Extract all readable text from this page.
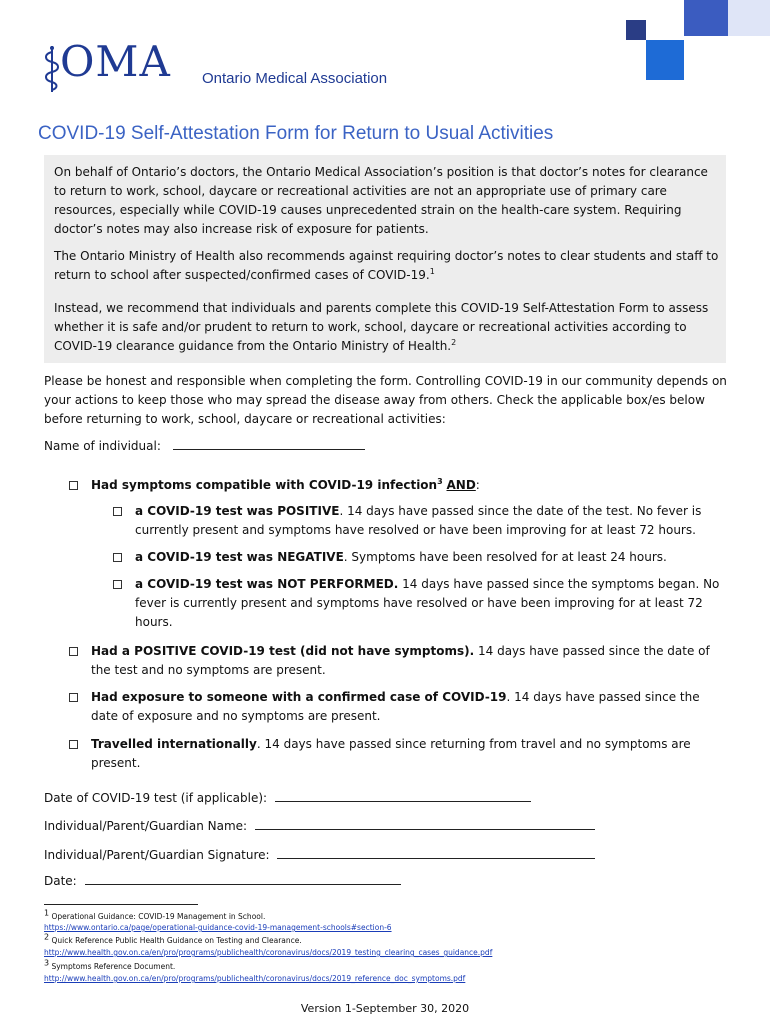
OMA Ontario Medical Association
COVID-19 Self-Attestation Form for Return to Usual Activities

On behalf of Ontario’s doctors, the Ontario Medical Association’s position is that doctor’s notes for clearance to return to work, school, daycare or recreational activities are not an appropriate use of primary care resources, especially while COVID-19 causes unprecedented strain on the health-care system. Requiring doctor’s notes may also increase risk of exposure for patients.

The Ontario Ministry of Health also recommends against requiring doctor’s notes to clear students and staff to return to school after suspected/confirmed cases of COVID-19.$^1$

Instead, we recommend that individuals and parents complete this COVID-19 Self-Attestation Form to assess whether it is safe and/or prudent to return to work, school, daycare or recreational activities according to COVID-19 clearance guidance from the Ontario Ministry of Health.$^2$

Please be honest and responsible when completing the form. Controlling COVID-19 in our community depends on your actions to keep those who may spread the disease away from others. Check the applicable box/es below before returning to work, school, daycare or recreational activities:

Name of individual:
Had symptoms compatible with COVID-19 infection$^3$ AND:
a COVID-19 test was POSITIVE. 14 days have passed since the date of the test. No fever is currently present and symptoms have resolved or have been improving for at least 72 hours.
a COVID-19 test was NEGATIVE. Symptoms have been resolved for at least 24 hours.
a COVID-19 test was NOT PERFORMED. 14 days have passed since the symptoms began. No fever is currently present and symptoms have resolved or have been improving for at least 72 hours.
Had a POSITIVE COVID-19 test (did not have symptoms). 14 days have passed since the date of the test and no symptoms are present.
Had exposure to someone with a confirmed case of COVID-19. 14 days have passed since the date of exposure and no symptoms are present.
Travelled internationally. 14 days have passed since returning from travel and no symptoms are present.
Date of COVID-19 test (if applicable):
Individual/Parent/Guardian Name:
Individual/Parent/Guardian Signature:
Date:
$^1$ Operational Guidance: COVID-19 Management in School.
https://www.ontario.ca/page/operational-guidance-covid-19-management-schools#section-6
$^2$ Quick Reference Public Health Guidance on Testing and Clearance.
http://www.health.gov.on.ca/en/pro/programs/publichealth/coronavirus/docs/2019_testing_clearing_cases_guidance.pdf
$^3$ Symptoms Reference Document.
http://www.health.gov.on.ca/en/pro/programs/publichealth/coronavirus/docs/2019_reference_doc_symptoms.pdf
Version 1-September 30, 2020
